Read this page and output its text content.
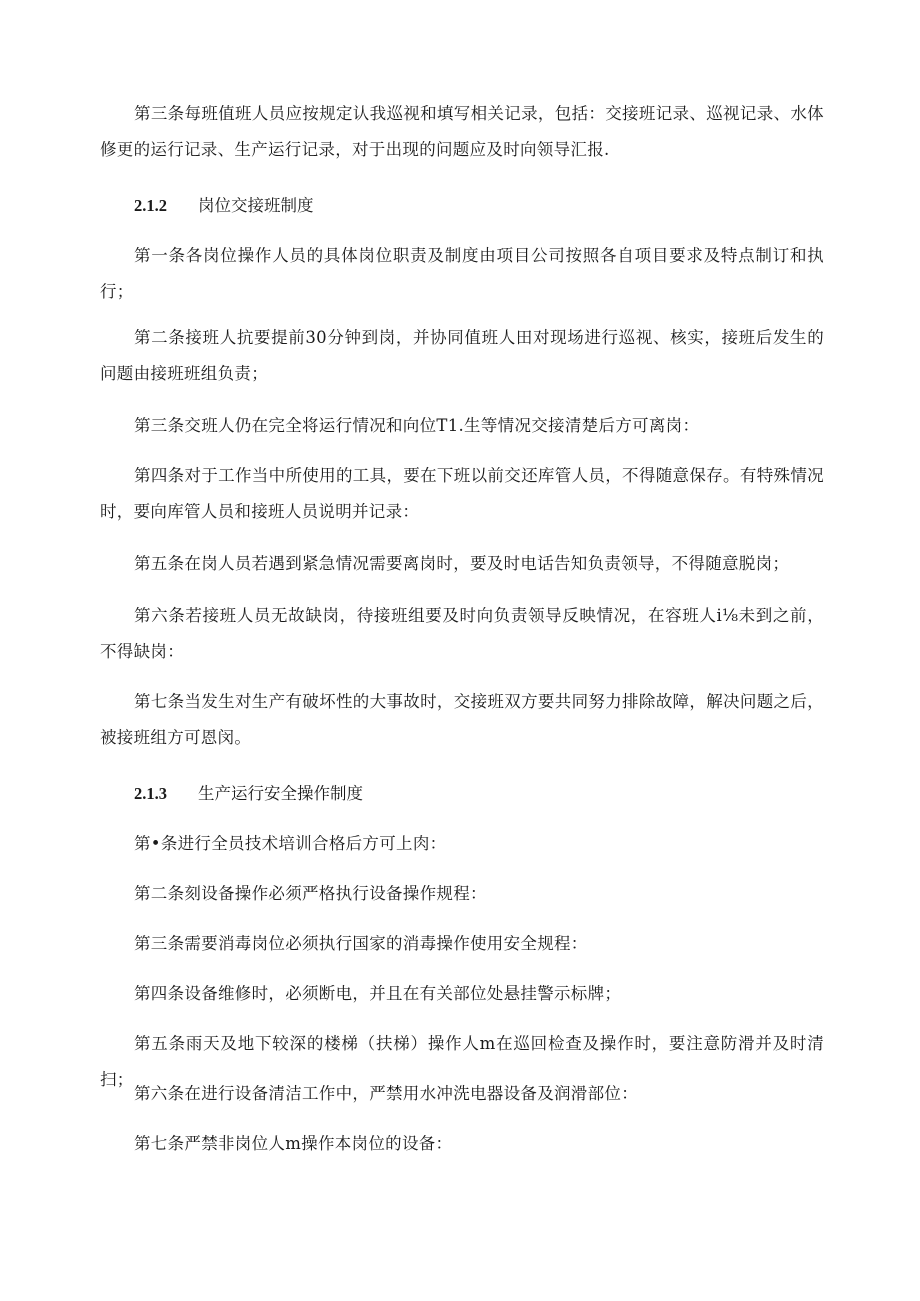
第三条每班值班人员应按规定认我巡视和填写相关记录，包括：交接班记录、巡视记录、水体修更的运行记录、生产运行记录，对于出现的问题应及时向领导汇报.

2.1.2 岗位交接班制度

第一条各岗位操作人员的具体岗位职责及制度由项目公司按照各自项目要求及特点制订和执行；

第二条接班人抗要提前30分钟到岗，并协同值班人田对现场进行巡视、核实，接班后发生的问题由接班班组负责；

第三条交班人仍在完全将运行情况和向位T1.生等情况交接清楚后方可离岗：

第四条对于工作当中所使用的工具，要在下班以前交还库管人员，不得随意保存。有特殊情况时，要向库管人员和接班人员说明并记录：

第五条在岗人员若遇到紧急情况需要离岗时，要及时电话告知负责领导，不得随意脱岗；

第六条若接班人员无故缺岗，待接班组要及时向负责领导反映情况，在容班人i⅛未到之前，不得缺岗：

第七条当发生对生产有破坏性的大事故时，交接班双方要共同努力排除故障，解决问题之后，被接班组方可恩闵。

2.1.3 生产运行安全操作制度

第•条进行全员技术培训合格后方可上肉：

第二条刻设备操作必须严格执行设备操作规程：

第三条需要消毒岗位必须执行国家的消毒操作使用安全规程：

第四条设备维修时，必须断电，并且在有关部位处悬挂警示标牌；

第五条雨天及地下较深的楼梯（扶梯）操作人m在巡回检查及操作时，要注意防滑并及时清扫；

第六条在进行设备清洁工作中，严禁用水冲洗电器设备及润滑部位：

第七条严禁非岗位人m操作本岗位的设备：
